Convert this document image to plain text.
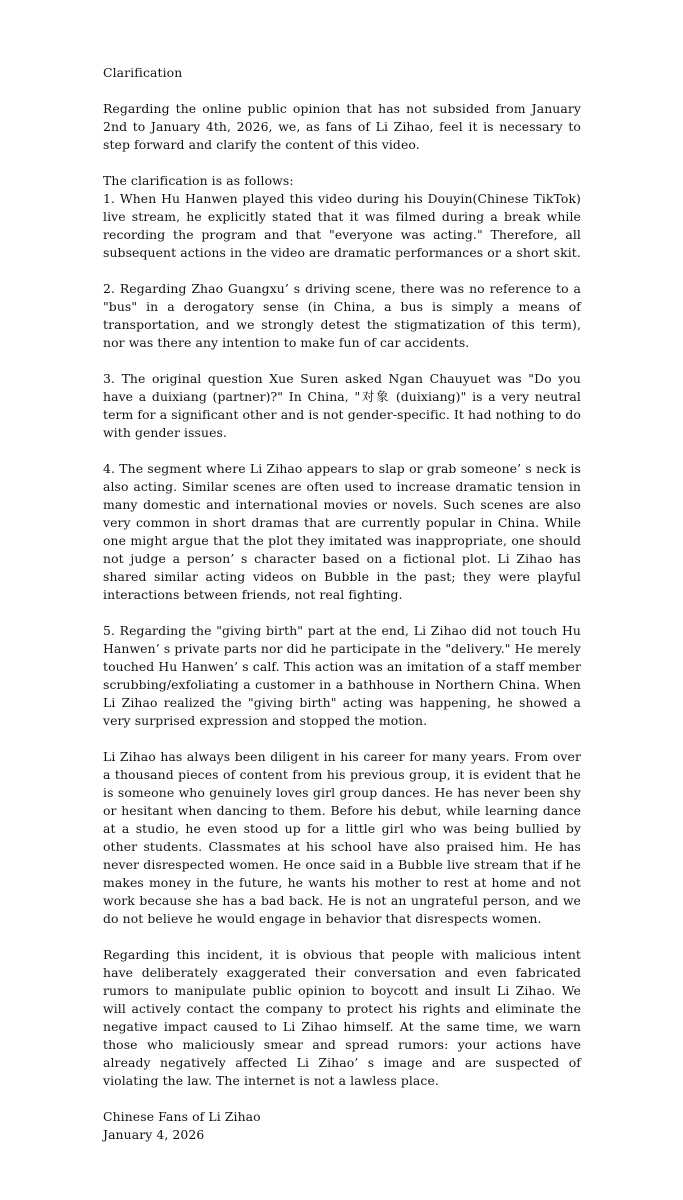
Clarification

Regarding the online public opinion that has not subsided from January 2nd to January 4th, 2026, we, as fans of Li Zihao, feel it is necessary to step forward and clarify the content of this video.

The clarification is as follows:

1. When Hu Hanwen played this video during his Douyin(Chinese TikTok) live stream, he explicitly stated that it was filmed during a break while recording the program and that "everyone was acting." Therefore, all subsequent actions in the video are dramatic performances or a short skit.

2. Regarding Zhao Guangxu’ s driving scene, there was no reference to a "bus" in a derogatory sense (in China, a bus is simply a means of transportation, and we strongly detest the stigmatization of this term), nor was there any intention to make fun of car accidents.

3. The original question Xue Suren asked Ngan Chauyuet was "Do you have a duixiang (partner)?" In China, "对象 (duixiang)" is a very neutral term for a significant other and is not gender-specific. It had nothing to do with gender issues.

4. The segment where Li Zihao appears to slap or grab someone’ s neck is also acting. Similar scenes are often used to increase dramatic tension in many domestic and international movies or novels. Such scenes are also very common in short dramas that are currently popular in China. While one might argue that the plot they imitated was inappropriate, one should not judge a person’ s character based on a fictional plot. Li Zihao has shared similar acting videos on Bubble in the past; they were playful interactions between friends, not real fighting.

5. Regarding the "giving birth" part at the end, Li Zihao did not touch Hu Hanwen’ s private parts nor did he participate in the "delivery." He merely touched Hu Hanwen’ s calf. This action was an imitation of a staff member scrubbing/exfoliating a customer in a bathhouse in Northern China. When Li Zihao realized the "giving birth" acting was happening, he showed a very surprised expression and stopped the motion.

Li Zihao has always been diligent in his career for many years. From over a thousand pieces of content from his previous group, it is evident that he is someone who genuinely loves girl group dances. He has never been shy or hesitant when dancing to them. Before his debut, while learning dance at a studio, he even stood up for a little girl who was being bullied by other students. Classmates at his school have also praised him. He has never disrespected women. He once said in a Bubble live stream that if he makes money in the future, he wants his mother to rest at home and not work because she has a bad back. He is not an ungrateful person, and we do not believe he would engage in behavior that disrespects women.

Regarding this incident, it is obvious that people with malicious intent have deliberately exaggerated their conversation and even fabricated rumors to manipulate public opinion to boycott and insult Li Zihao. We will actively contact the company to protect his rights and eliminate the negative impact caused to Li Zihao himself. At the same time, we warn those who maliciously smear and spread rumors: your actions have already negatively affected Li Zihao’ s image and are suspected of violating the law. The internet is not a lawless place.

Chinese Fans of Li Zihao

January 4, 2026
